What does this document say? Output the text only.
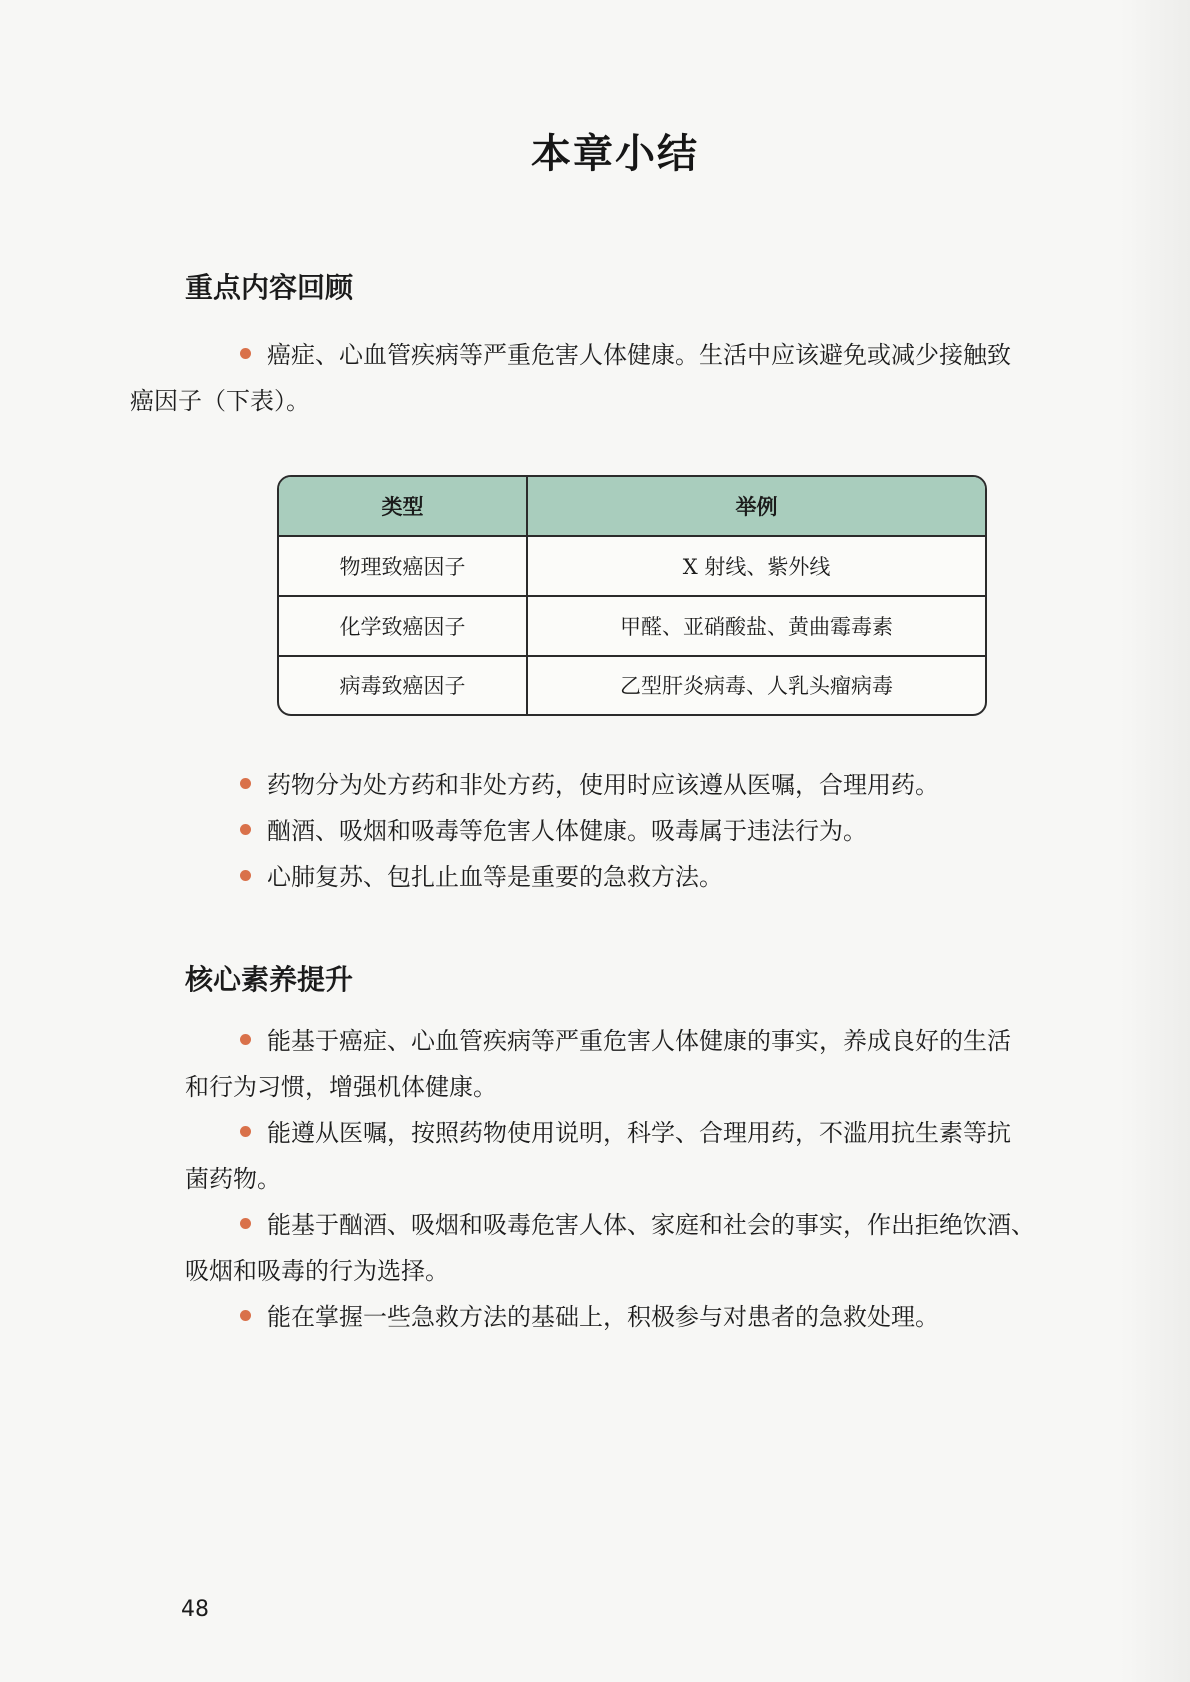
本章小结
重点内容回顾
癌症、心血管疾病等严重危害人体健康。生活中应该避免或减少接触致
癌因子（下表）。
类型	举例
物理致癌因子	X 射线、紫外线
化学致癌因子	甲醛、亚硝酸盐、黄曲霉毒素
病毒致癌因子	乙型肝炎病毒、人乳头瘤病毒
药物分为处方药和非处方药，使用时应该遵从医嘱，合理用药。
酗酒、吸烟和吸毒等危害人体健康。吸毒属于违法行为。
心肺复苏、包扎止血等是重要的急救方法。
核心素养提升
能基于癌症、心血管疾病等严重危害人体健康的事实，养成良好的生活
和行为习惯，增强机体健康。
能遵从医嘱，按照药物使用说明，科学、合理用药，不滥用抗生素等抗
菌药物。
能基于酗酒、吸烟和吸毒危害人体、家庭和社会的事实，作出拒绝饮酒、
吸烟和吸毒的行为选择。
能在掌握一些急救方法的基础上，积极参与对患者的急救处理。
48
